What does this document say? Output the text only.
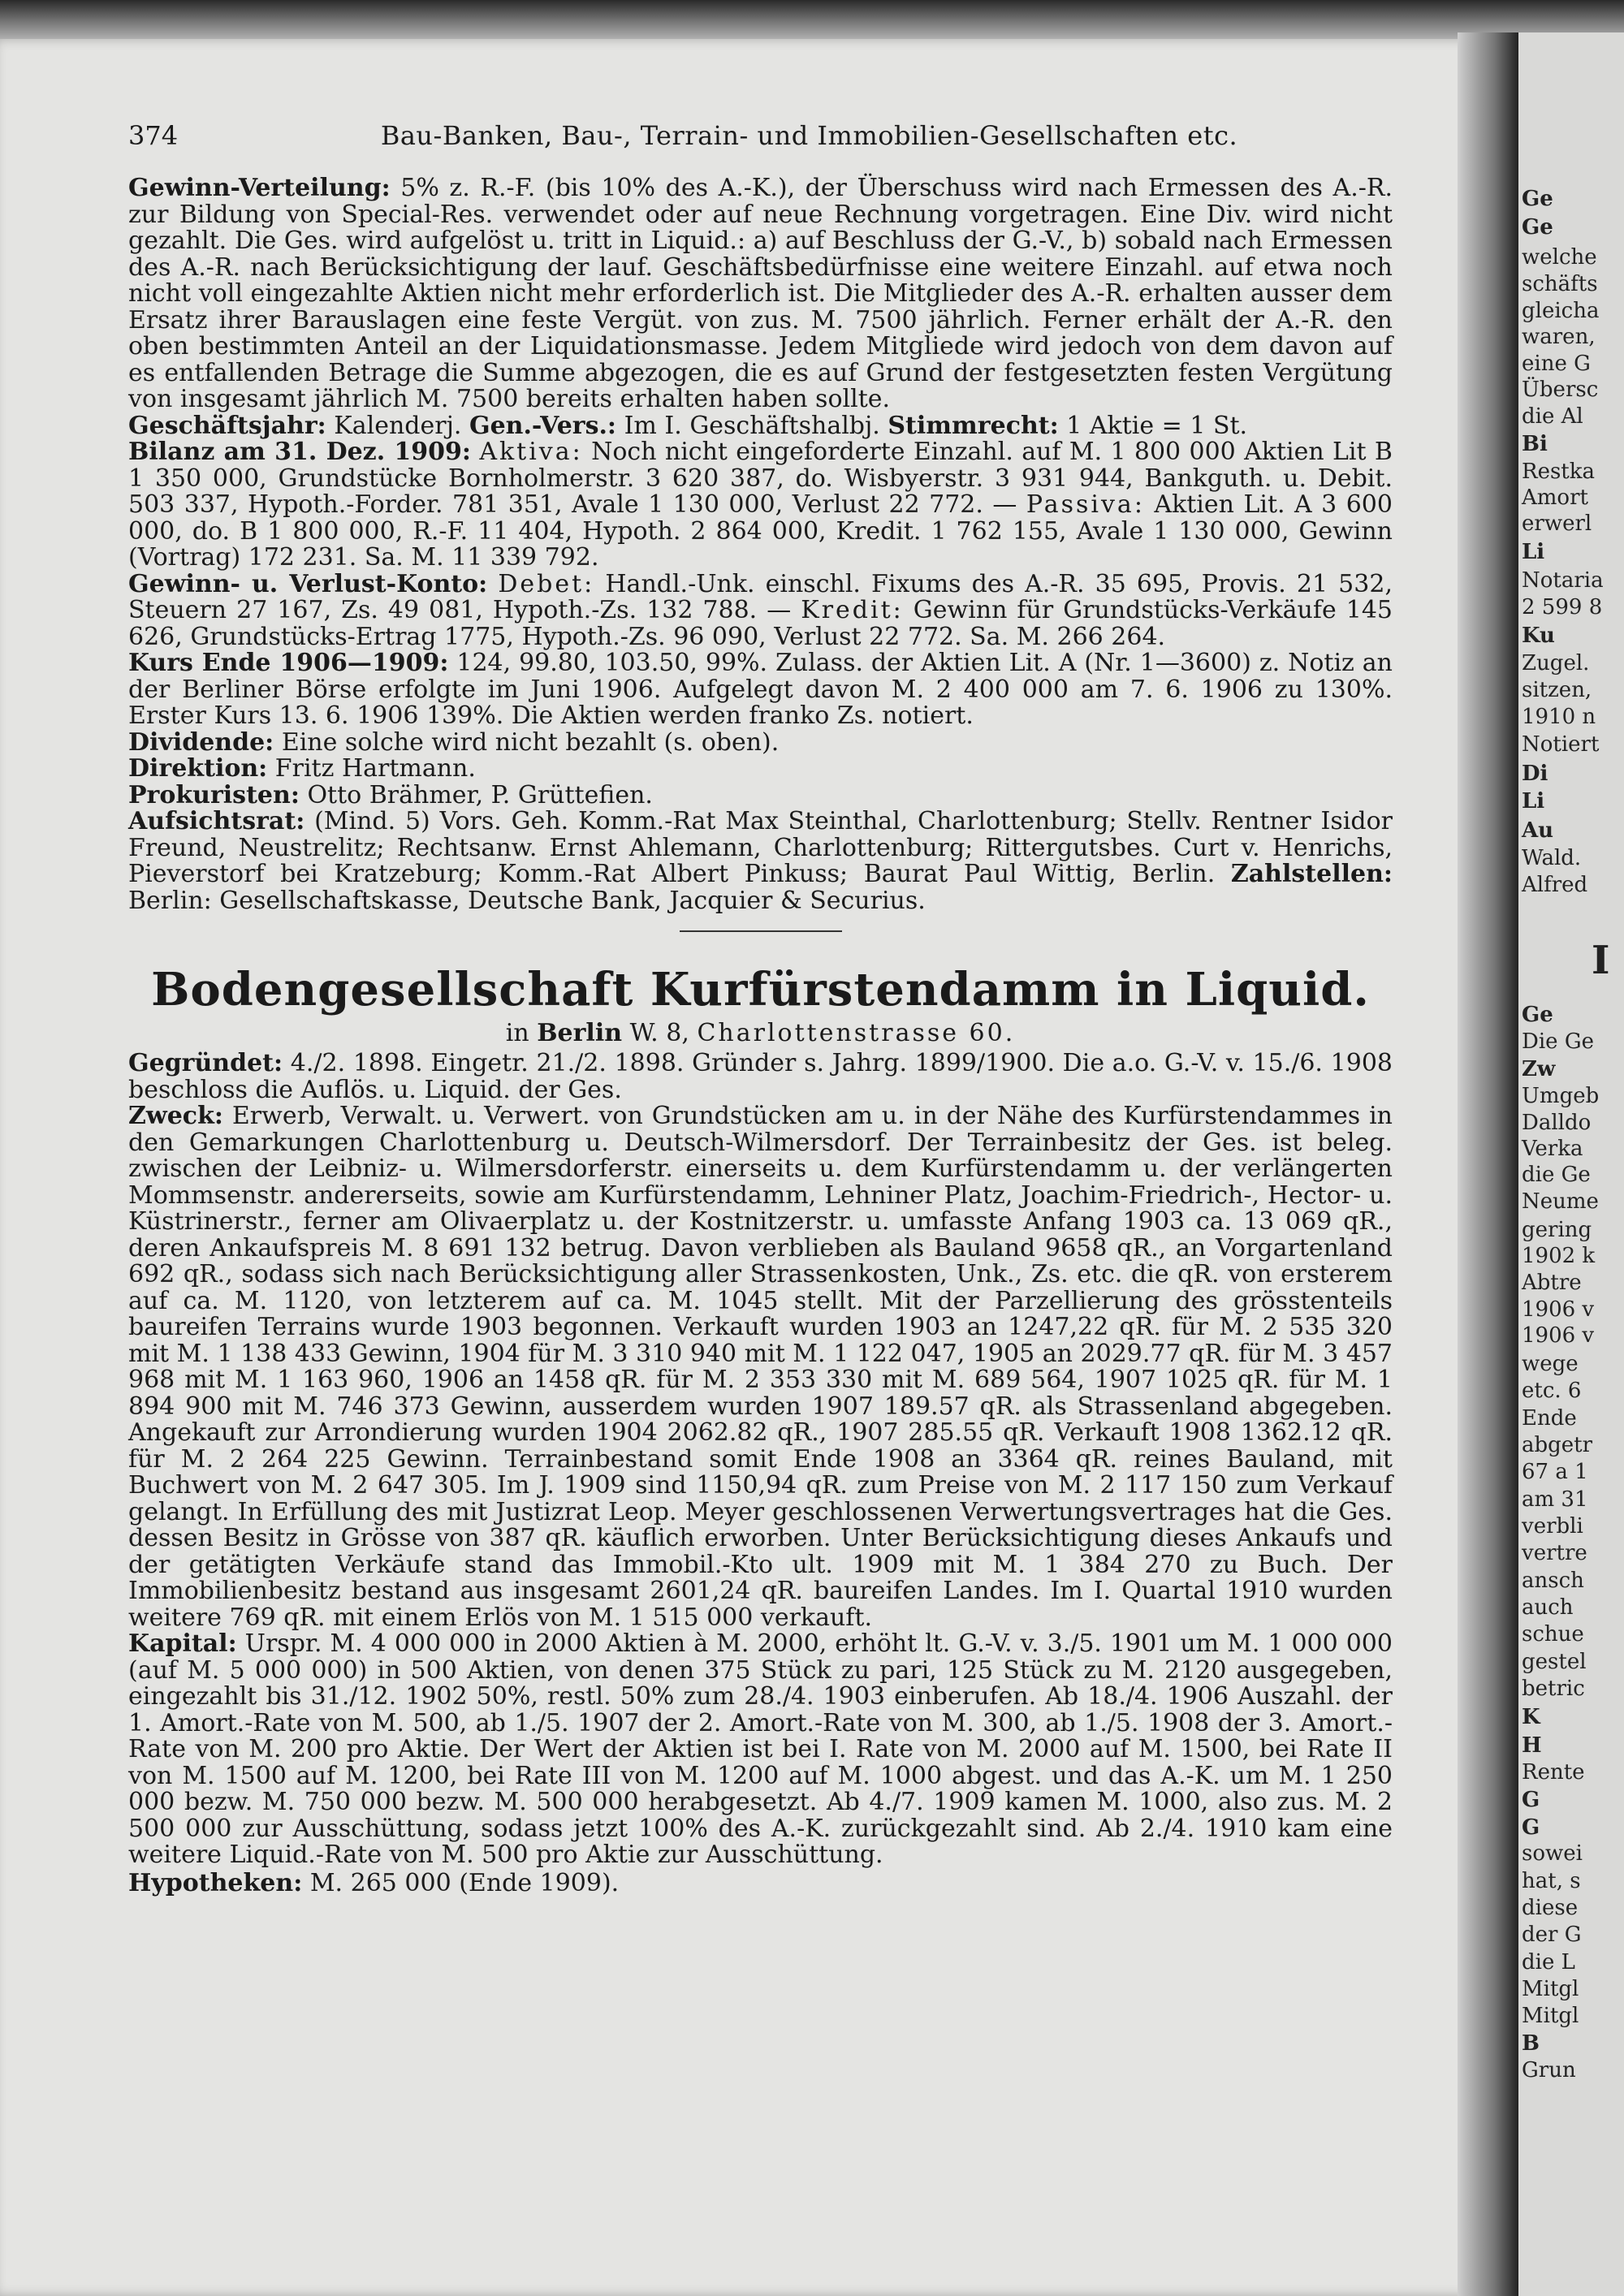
374	Bau-Banken, Bau-, Terrain- und Immobilien-Gesellschaften etc.

Gewinn-Verteilung: 5% z. R.-F. (bis 10% des A.-K.), der Überschuss wird nach Ermessen des A.-R. zur Bildung von Special-Res. verwendet oder auf neue Rechnung vorgetragen. Eine Div. wird nicht gezahlt. Die Ges. wird aufgelöst u. tritt in Liquid.: a) auf Beschluss der G.-V., b) sobald nach Ermessen des A.-R. nach Berücksichtigung der lauf. Geschäftsbedürfnisse eine weitere Einzahl. auf etwa noch nicht voll eingezahlte Aktien nicht mehr erforderlich ist. Die Mitglieder des A.-R. erhalten ausser dem Ersatz ihrer Barauslagen eine feste Vergüt. von zus. M. 7500 jährlich. Ferner erhält der A.-R. den oben bestimmten Anteil an der Liquidationsmasse. Jedem Mitgliede wird jedoch von dem davon auf es entfallenden Betrage die Summe abgezogen, die es auf Grund der festgesetzten festen Vergütung von insgesamt jährlich M. 7500 bereits erhalten haben sollte.

Geschäftsjahr: Kalenderj. Gen.-Vers.: Im I. Geschäftshalbj. Stimmrecht: 1 Aktie = 1 St.

Bilanz am 31. Dez. 1909: Aktiva: Noch nicht eingeforderte Einzahl. auf M. 1 800 000 Aktien Lit B 1 350 000, Grundstücke Bornholmerstr. 3 620 387, do. Wisbyerstr. 3 931 944, Bankguth. u. Debit. 503 337, Hypoth.-Forder. 781 351, Avale 1 130 000, Verlust 22 772. — Passiva: Aktien Lit. A 3 600 000, do. B 1 800 000, R.-F. 11 404, Hypoth. 2 864 000, Kredit. 1 762 155, Avale 1 130 000, Gewinn (Vortrag) 172 231. Sa. M. 11 339 792.

Gewinn- u. Verlust-Konto: Debet: Handl.-Unk. einschl. Fixums des A.-R. 35 695, Provis. 21 532, Steuern 27 167, Zs. 49 081, Hypoth.-Zs. 132 788. — Kredit: Gewinn für Grundstücks-Verkäufe 145 626, Grundstücks-Ertrag 1775, Hypoth.-Zs. 96 090, Verlust 22 772. Sa. M. 266 264.

Kurs Ende 1906—1909: 124, 99.80, 103.50, 99%. Zulass. der Aktien Lit. A (Nr. 1—3600) z. Notiz an der Berliner Börse erfolgte im Juni 1906. Aufgelegt davon M. 2 400 000 am 7. 6. 1906 zu 130%. Erster Kurs 13. 6. 1906 139%. Die Aktien werden franko Zs. notiert.

Dividende: Eine solche wird nicht bezahlt (s. oben).

Direktion: Fritz Hartmann.

Prokuristen: Otto Brähmer, P. Grüttefien.

Aufsichtsrat: (Mind. 5) Vors. Geh. Komm.-Rat Max Steinthal, Charlottenburg; Stellv. Rentner Isidor Freund, Neustrelitz; Rechtsanw. Ernst Ahlemann, Charlottenburg; Rittergutsbes. Curt v. Henrichs, Pieverstorf bei Kratzeburg; Komm.-Rat Albert Pinkuss; Baurat Paul Wittig, Berlin. Zahlstellen: Berlin: Gesellschaftskasse, Deutsche Bank, Jacquier & Securius.

Bodengesellschaft Kurfürstendamm in Liquid.
in Berlin W. 8, Charlottenstrasse 60.

Gegründet: 4./2. 1898. Eingetr. 21./2. 1898. Gründer s. Jahrg. 1899/1900. Die a.o. G.-V. v. 15./6. 1908 beschloss die Auflös. u. Liquid. der Ges.

Zweck: Erwerb, Verwalt. u. Verwert. von Grundstücken am u. in der Nähe des Kurfürstendammes in den Gemarkungen Charlottenburg u. Deutsch-Wilmersdorf. Der Terrainbesitz der Ges. ist beleg. zwischen der Leibniz- u. Wilmersdorferstr. einerseits u. dem Kurfürstendamm u. der verlängerten Mommsenstr. andererseits, sowie am Kurfürstendamm, Lehniner Platz, Joachim-Friedrich-, Hector- u. Küstrinerstr., ferner am Olivaerplatz u. der Kostnitzerstr. u. umfasste Anfang 1903 ca. 13 069 qR., deren Ankaufspreis M. 8 691 132 betrug. Davon verblieben als Bauland 9658 qR., an Vorgartenland 692 qR., sodass sich nach Berücksichtigung aller Strassenkosten, Unk., Zs. etc. die qR. von ersterem auf ca. M. 1120, von letzterem auf ca. M. 1045 stellt. Mit der Parzellierung des grösstenteils baureifen Terrains wurde 1903 begonnen. Verkauft wurden 1903 an 1247,22 qR. für M. 2 535 320 mit M. 1 138 433 Gewinn, 1904 für M. 3 310 940 mit M. 1 122 047, 1905 an 2029.77 qR. für M. 3 457 968 mit M. 1 163 960, 1906 an 1458 qR. für M. 2 353 330 mit M. 689 564, 1907 1025 qR. für M. 1 894 900 mit M. 746 373 Gewinn, ausserdem wurden 1907 189.57 qR. als Strassenland abgegeben. Angekauft zur Arrondierung wurden 1904 2062.82 qR., 1907 285.55 qR. Verkauft 1908 1362.12 qR. für M. 2 264 225 Gewinn. Terrainbestand somit Ende 1908 an 3364 qR. reines Bauland, mit Buchwert von M. 2 647 305. Im J. 1909 sind 1150,94 qR. zum Preise von M. 2 117 150 zum Verkauf gelangt. In Erfüllung des mit Justizrat Leop. Meyer geschlossenen Verwertungsvertrages hat die Ges. dessen Besitz in Grösse von 387 qR. käuflich erworben. Unter Berücksichtigung dieses Ankaufs und der getätigten Verkäufe stand das Immobil.-Kto ult. 1909 mit M. 1 384 270 zu Buch. Der Immobilienbesitz bestand aus insgesamt 2601,24 qR. baureifen Landes. Im I. Quartal 1910 wurden weitere 769 qR. mit einem Erlös von M. 1 515 000 verkauft.

Kapital: Urspr. M. 4 000 000 in 2000 Aktien à M. 2000, erhöht lt. G.-V. v. 3./5. 1901 um M. 1 000 000 (auf M. 5 000 000) in 500 Aktien, von denen 375 Stück zu pari, 125 Stück zu M. 2120 ausgegeben, eingezahlt bis 31./12. 1902 50%, restl. 50% zum 28./4. 1903 einberufen. Ab 18./4. 1906 Auszahl. der 1. Amort.-Rate von M. 500, ab 1./5. 1907 der 2. Amort.-Rate von M. 300, ab 1./5. 1908 der 3. Amort.-Rate von M. 200 pro Aktie. Der Wert der Aktien ist bei I. Rate von M. 2000 auf M. 1500, bei Rate II von M. 1500 auf M. 1200, bei Rate III von M. 1200 auf M. 1000 abgest. und das A.-K. um M. 1 250 000 bezw. M. 750 000 bezw. M. 500 000 herabgesetzt. Ab 4./7. 1909 kamen M. 1000, also zus. M. 2 500 000 zur Ausschüttung, sodass jetzt 100% des A.-K. zurückgezahlt sind. Ab 2./4. 1910 kam eine weitere Liquid.-Rate von M. 500 pro Aktie zur Ausschüttung.

Hypotheken: M. 265 000 (Ende 1909).

Ge
Ge
welche
schäfts
gleicha
waren,
eine G
Übersc
die Al
Bi
Restka
Amort
erwerl
Li
Notaria
2 599 8
Ku
Zugel.
sitzen,
1910 n
Notiert
Di
Li
Au
Wald.
Alfred
I
Ge
Die Ge
Zw
Umgeb
Dalldo
Verka
die Ge
Neume
gering
1902 k
Abtre
1906 v
1906 v
wege
etc. 6
Ende
abgetr
67 a 1
am 31
verbli
vertre
ansch
auch
schue
gestel
betric
K
H
Rente
G
G
sowei
hat, s
diese
der G
die L
Mitgl
Mitgl
B
Grun
